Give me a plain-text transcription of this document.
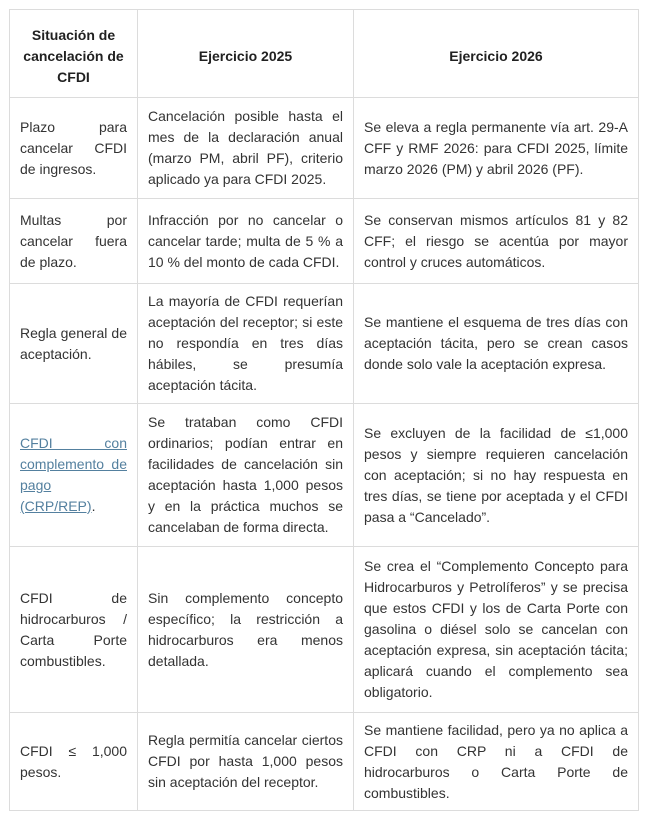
Situación de cancelación de CFDI	Ejercicio 2025	Ejercicio 2026
Plazo para cancelar CFDI de ingresos.	Cancelación posible hasta el mes de la declaración anual (marzo PM, abril PF), criterio aplicado ya para CFDI 2025.	Se eleva a regla permanente vía art. 29-A CFF y RMF 2026: para CFDI 2025, límite marzo 2026 (PM) y abril 2026 (PF).
Multas por cancelar fuera de plazo.	Infracción por no cancelar o cancelar tarde; multa de 5 % a 10 % del monto de cada CFDI.	Se conservan mismos artículos 81 y 82 CFF; el riesgo se acentúa por mayor control y cruces automáticos.
Regla general de aceptación.	La mayoría de CFDI requerían aceptación del receptor; si este no respondía en tres días hábiles, se presumía aceptación tácita.	Se mantiene el esquema de tres días con aceptación tácita, pero se crean casos donde solo vale la aceptación expresa.
CFDI con complemento de pago (CRP/REP).	Se trataban como CFDI ordinarios; podían entrar en facilidades de cancelación sin aceptación hasta 1,000 pesos y en la práctica muchos se cancelaban de forma directa.	Se excluyen de la facilidad de ≤1,000 pesos y siempre requieren cancelación con aceptación; si no hay respuesta en tres días, se tiene por aceptada y el CFDI pasa a “Cancelado”.
CFDI de hidrocarburos / Carta Porte combustibles.	Sin complemento concepto específico; la restricción a hidrocarburos era menos detallada.	Se crea el “Complemento Concepto para Hidrocarburos y Petrolíferos” y se precisa que estos CFDI y los de Carta Porte con gasolina o diésel solo se cancelan con aceptación expresa, sin aceptación tácita; aplicará cuando el complemento sea obligatorio.
CFDI ≤ 1,000 pesos.	Regla permitía cancelar ciertos CFDI por hasta 1,000 pesos sin aceptación del receptor.	Se mantiene facilidad, pero ya no aplica a CFDI con CRP ni a CFDI de hidrocarburos o Carta Porte de combustibles.
